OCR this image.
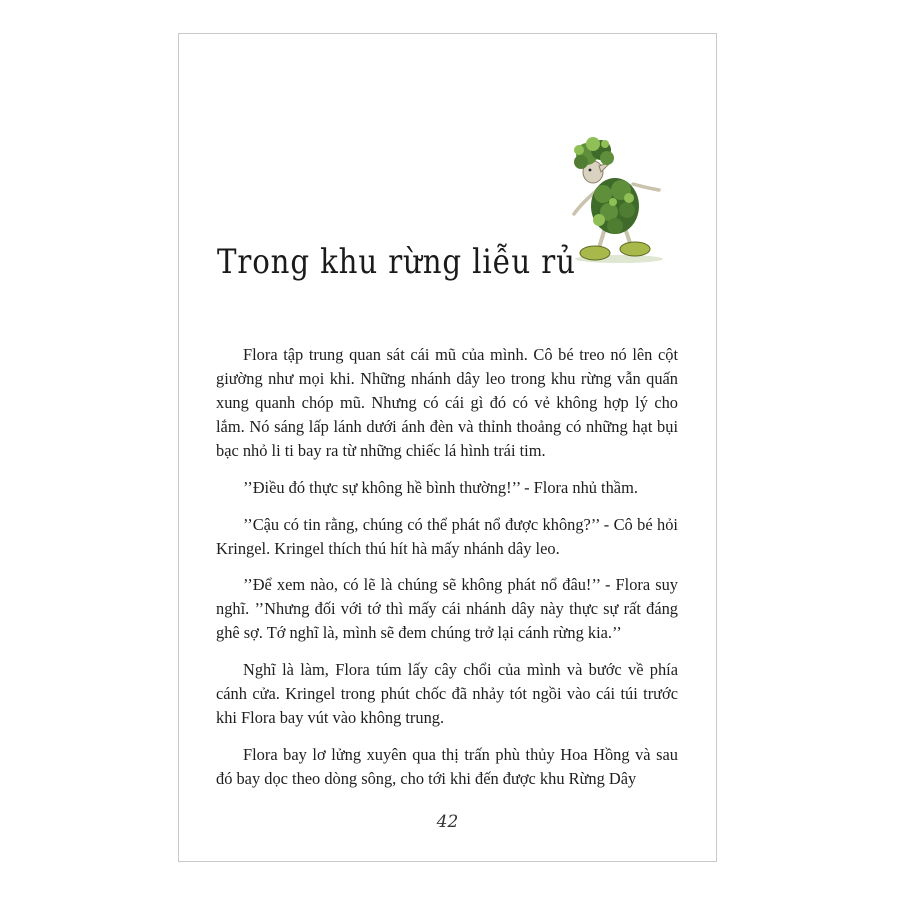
Trong khu rừng liễu rủ

Flora tập trung quan sát cái mũ của mình. Cô bé treo nó lên cột giường như mọi khi. Những nhánh dây leo trong khu rừng vẫn quấn xung quanh chóp mũ. Nhưng có cái gì đó có vẻ không hợp lý cho lắm. Nó sáng lấp lánh dưới ánh đèn và thỉnh thoảng có những hạt bụi bạc nhỏ li ti bay ra từ những chiếc lá hình trái tim.

’’Điều đó thực sự không hề bình thường!’’ - Flora nhủ thầm.

’’Cậu có tin rằng, chúng có thể phát nổ được không?’’ - Cô bé hỏi Kringel. Kringel thích thú hít hà mấy nhánh dây leo.

’’Để xem nào, có lẽ là chúng sẽ không phát nổ đâu!’’ - Flora suy nghĩ. ’’Nhưng đối với tớ thì mấy cái nhánh dây này thực sự rất đáng ghê sợ. Tớ nghĩ là, mình sẽ đem chúng trở lại cánh rừng kia.’’

Nghĩ là làm, Flora túm lấy cây chổi của mình và bước về phía cánh cửa. Kringel trong phút chốc đã nhảy tót ngồi vào cái túi trước khi Flora bay vút vào không trung.

Flora bay lơ lửng xuyên qua thị trấn phù thủy Hoa Hồng và sau đó bay dọc theo dòng sông, cho tới khi đến được khu Rừng Dây

42
